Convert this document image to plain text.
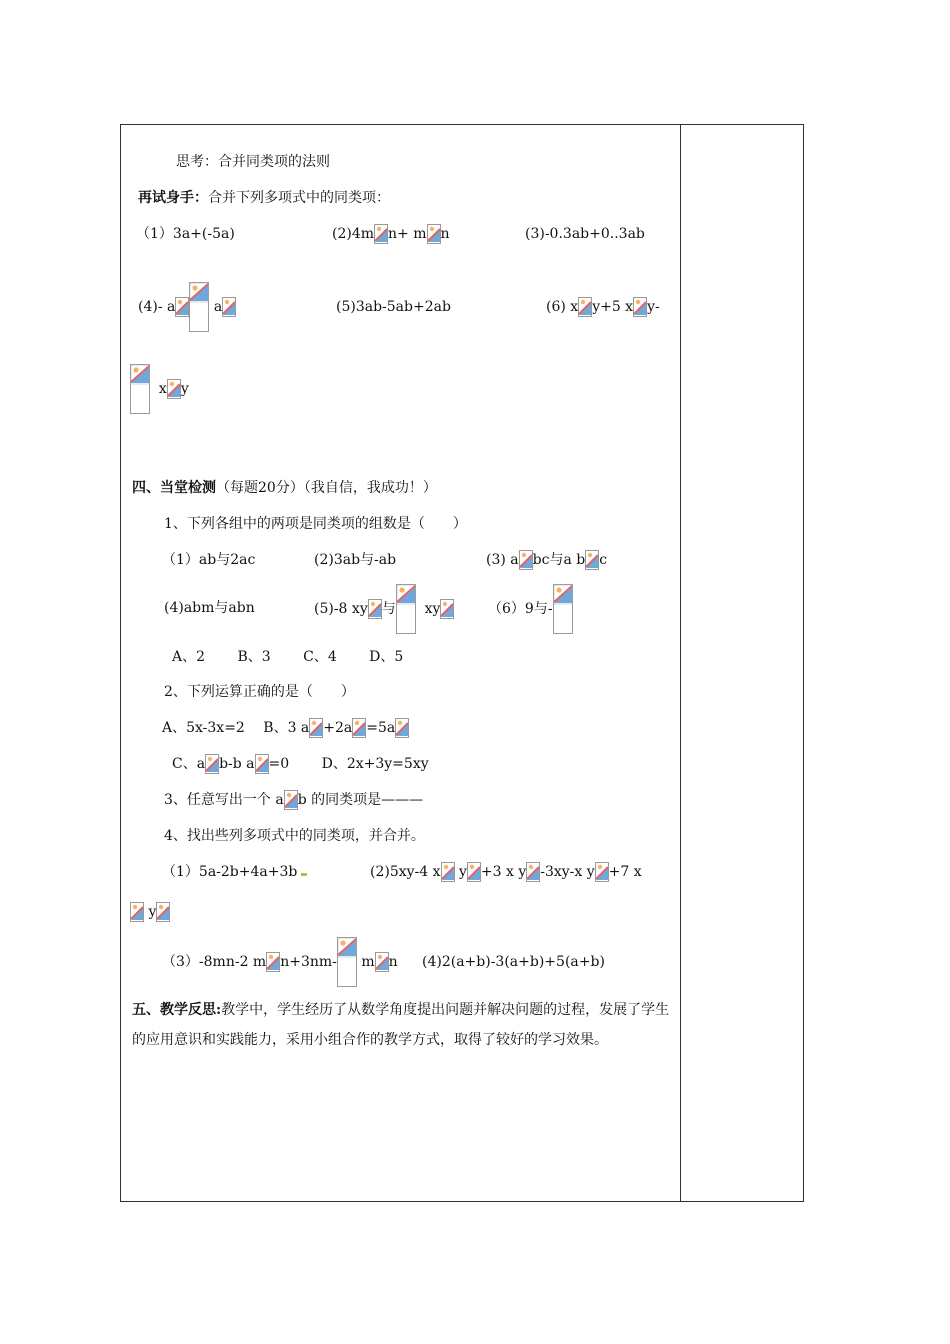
思考：合并同类项的法则
再试身手：合并下列多项式中的同类项：
（1）3a+(-5a)	(2)4m n+ m n	(3)-0.3ab+0..3ab
(4)- a	a	(5)3ab-5ab+2ab	(6) x y+5 x y-
x y
四、当堂检测（每题20分）（我自信，我成功！）
1、下列各组中的两项是同类项的组数是（　　）
（1）ab与2ac	(2)3ab与-ab	(3) a bc与a b c
(4)abm与abn	(5)-8 xy 与 xy	（6）9与-
A、2　　 B、3　　 C、4　　 D、5
2、下列运算正确的是（　　）
A、5x-3x=2　 B、3 a +2a =5a
C、a b-b a =0　　 D、2x+3y=5xy
3、任意写出一个 a b 的同类项是———
4、找出些列多项式中的同类项，并合并。
（1）5a-2b+4a+3b	(2)5xy-4 x
y +3 x y -3xy-x y +7 x
y
（3）-8mn-2 m n+3nm-
m n (4)2(a+b)-3(a+b)+5(a+b)
五、教学反思:教学中，学生经历了从数学角度提出问题并解决问题的过程，发展了学生的应用意识和实践能力，采用小组合作的教学方式，取得了较好的学习效果。
